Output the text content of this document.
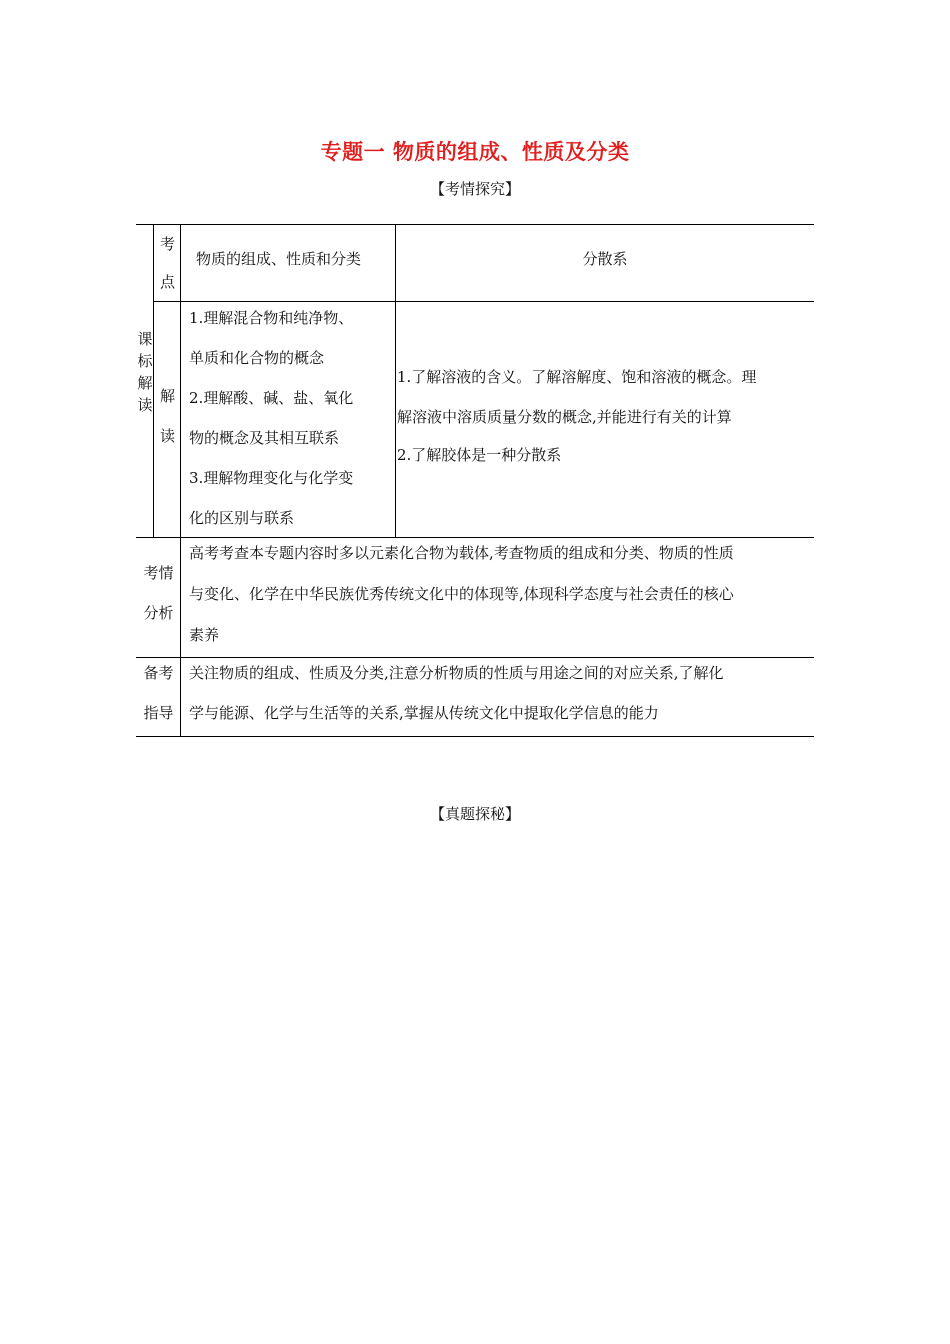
专题一 物质的组成、性质及分类
【考情探究】
课
标
解
读
考
点
解
读
物质的组成、性质和分类	分散系
1.理解混合物和纯净物、
单质和化合物的概念
2.理解酸、碱、盐、氧化
物的概念及其相互联系
3.理解物理变化与化学变
化的区别与联系
1.了解溶液的含义。了解溶解度、饱和溶液的概念。理
解溶液中溶质质量分数的概念,并能进行有关的计算
2.了解胶体是一种分散系
考情
分析
高考考查本专题内容时多以元素化合物为载体,考查物质的组成和分类、物质的性质
与变化、化学在中华民族优秀传统文化中的体现等,体现科学态度与社会责任的核心
素养
备考
指导
关注物质的组成、性质及分类,注意分析物质的性质与用途之间的对应关系,了解化
学与能源、化学与生活等的关系,掌握从传统文化中提取化学信息的能力
【真题探秘】
